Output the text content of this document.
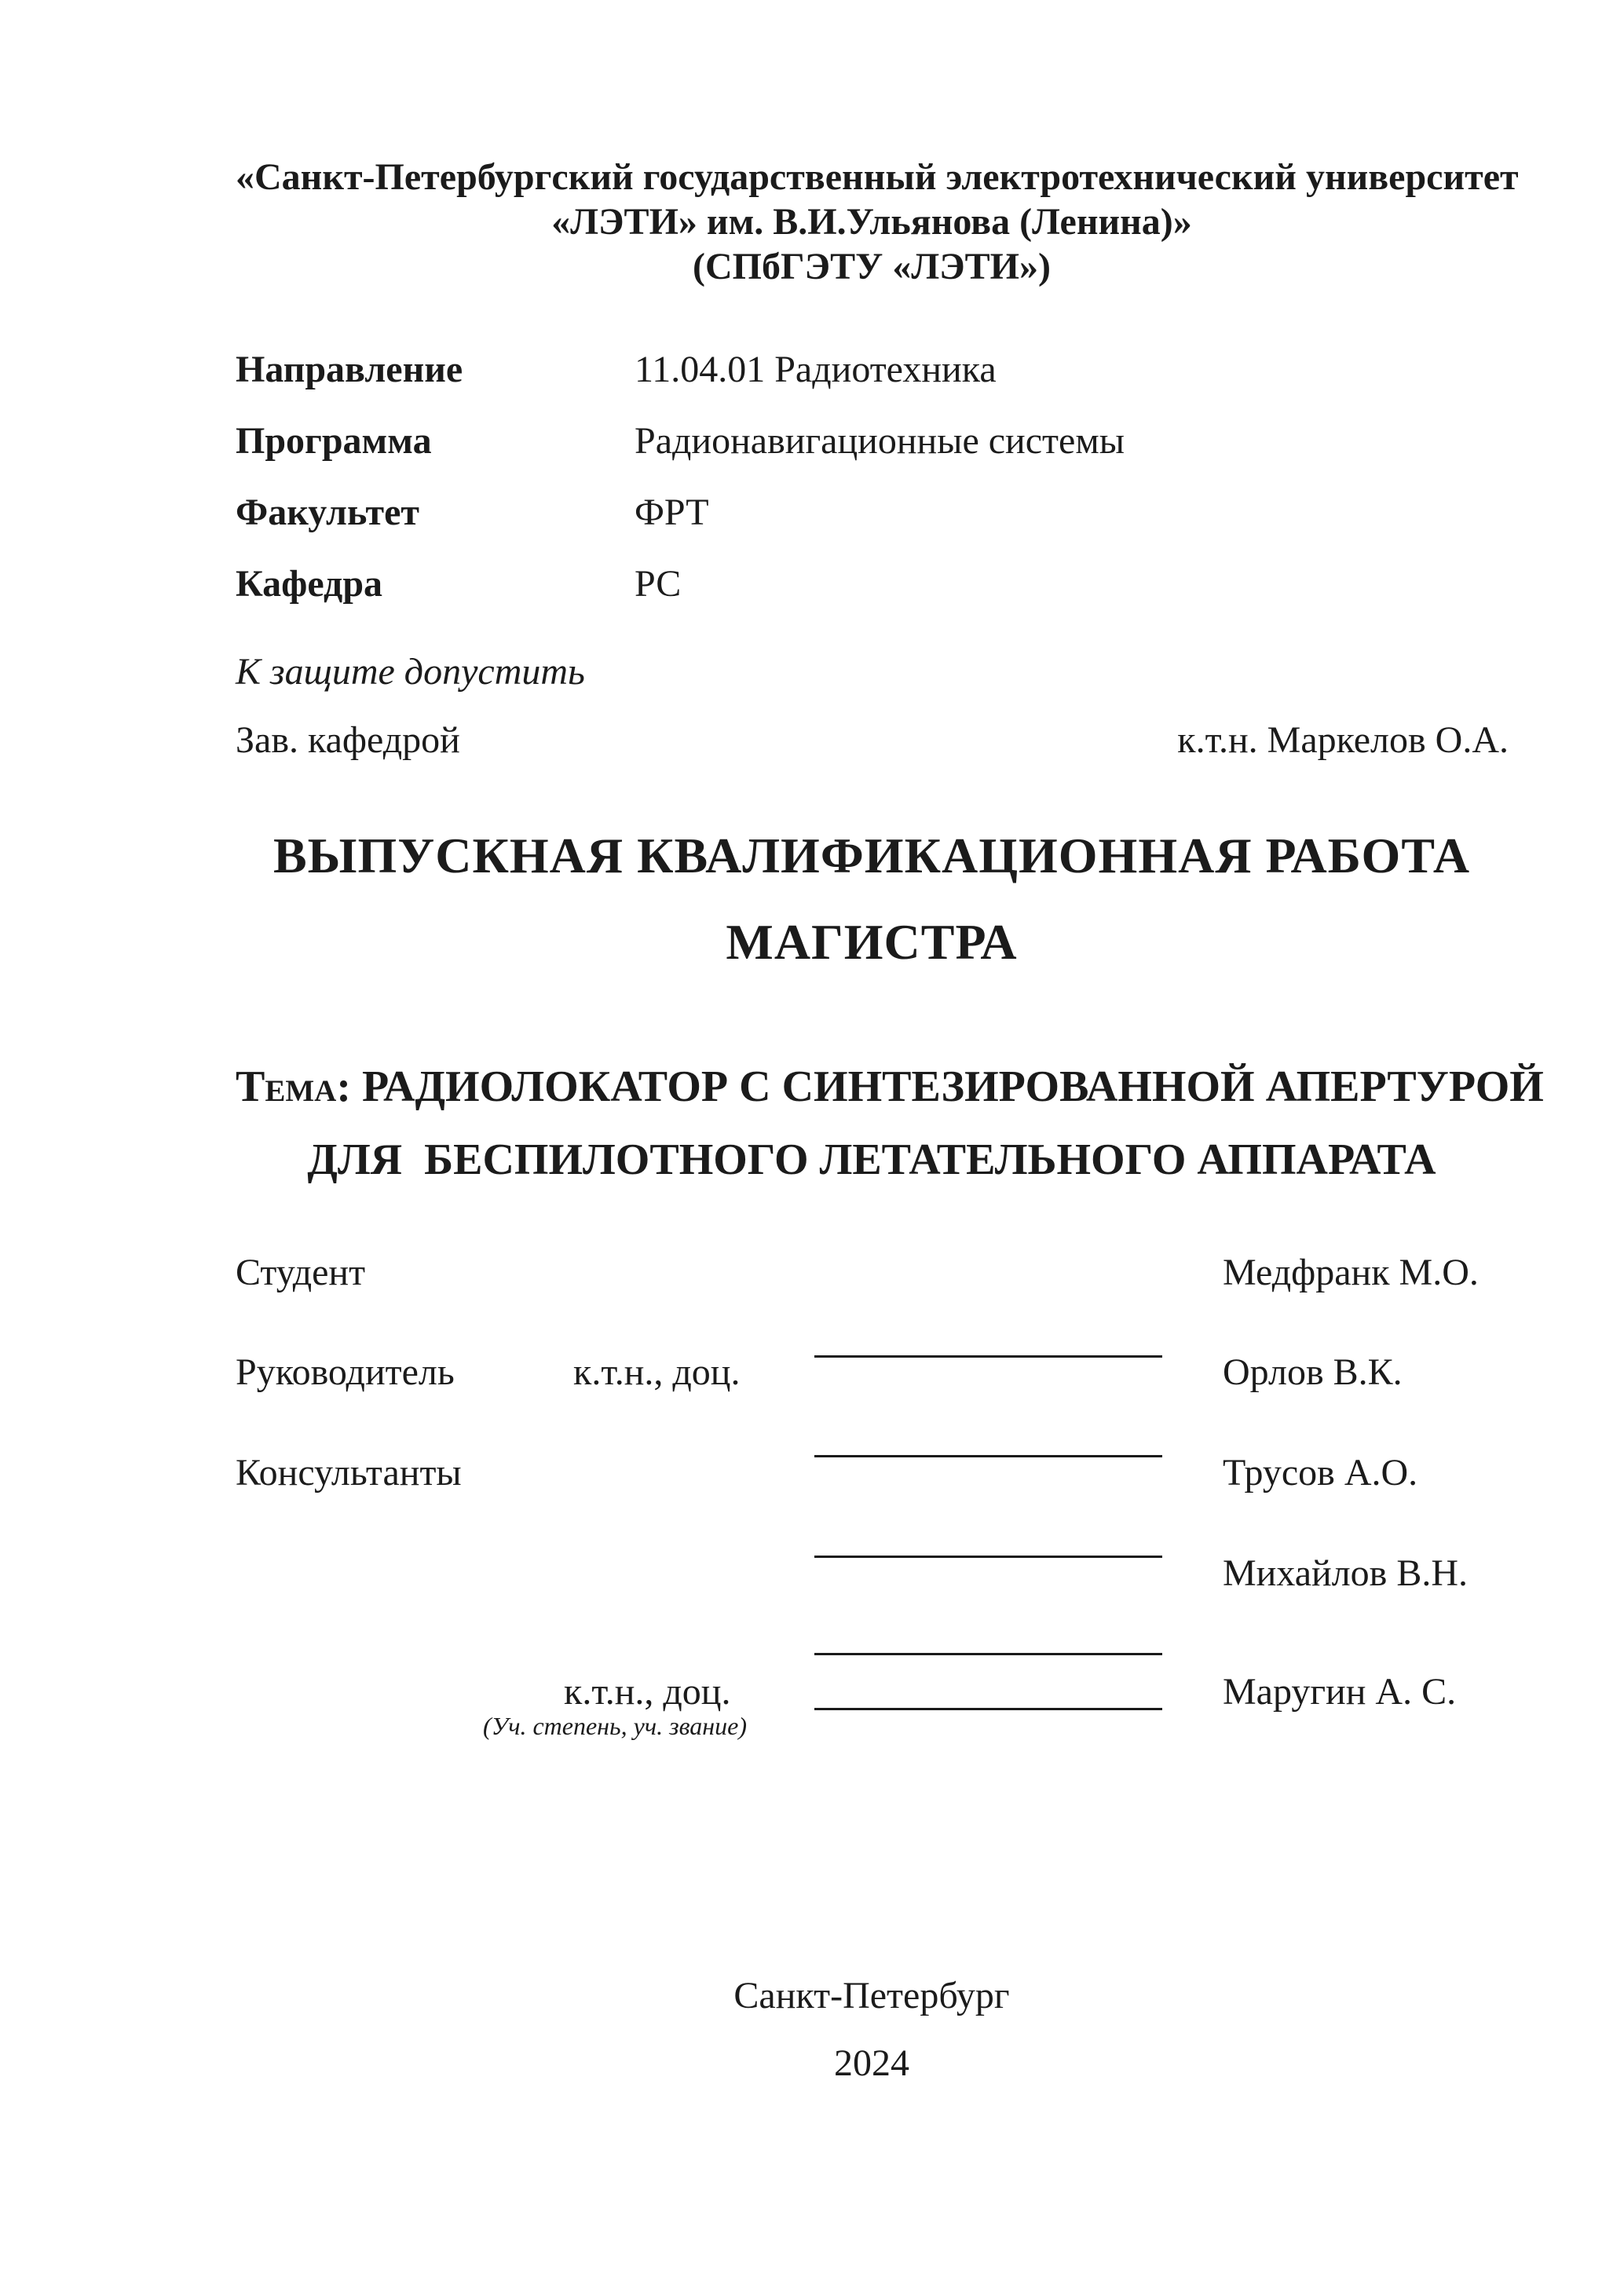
«Санкт-Петербургский государственный электротехнический университет
«ЛЭТИ» им. В.И.Ульянова (Ленина)»
(СПбГЭТУ «ЛЭТИ»)
Направление	11.04.01 Радиотехника
Программа	Радионавигационные системы
Факультет	ФРТ
Кафедра	РС
К защите допустить
Зав. кафедрой	к.т.н. Маркелов О.А.
ВЫПУСКНАЯ КВАЛИФИКАЦИОННАЯ РАБОТА
МАГИСТРА
Тема: РАДИОЛОКАТОР С СИНТЕЗИРОВАННОЙ АПЕРТУРОЙ
ДЛЯ  БЕСПИЛОТНОГО ЛЕТАТЕЛЬНОГО АППАРАТА
Студент	Медфранк М.О.
Руководитель	к.т.н., доц.	Орлов В.К.
Консультанты	Трусов А.О.
Михайлов В.Н.
к.т.н., доц.	Маругин А. С.
(Уч. степень, уч. звание)
Санкт-Петербург
2024
